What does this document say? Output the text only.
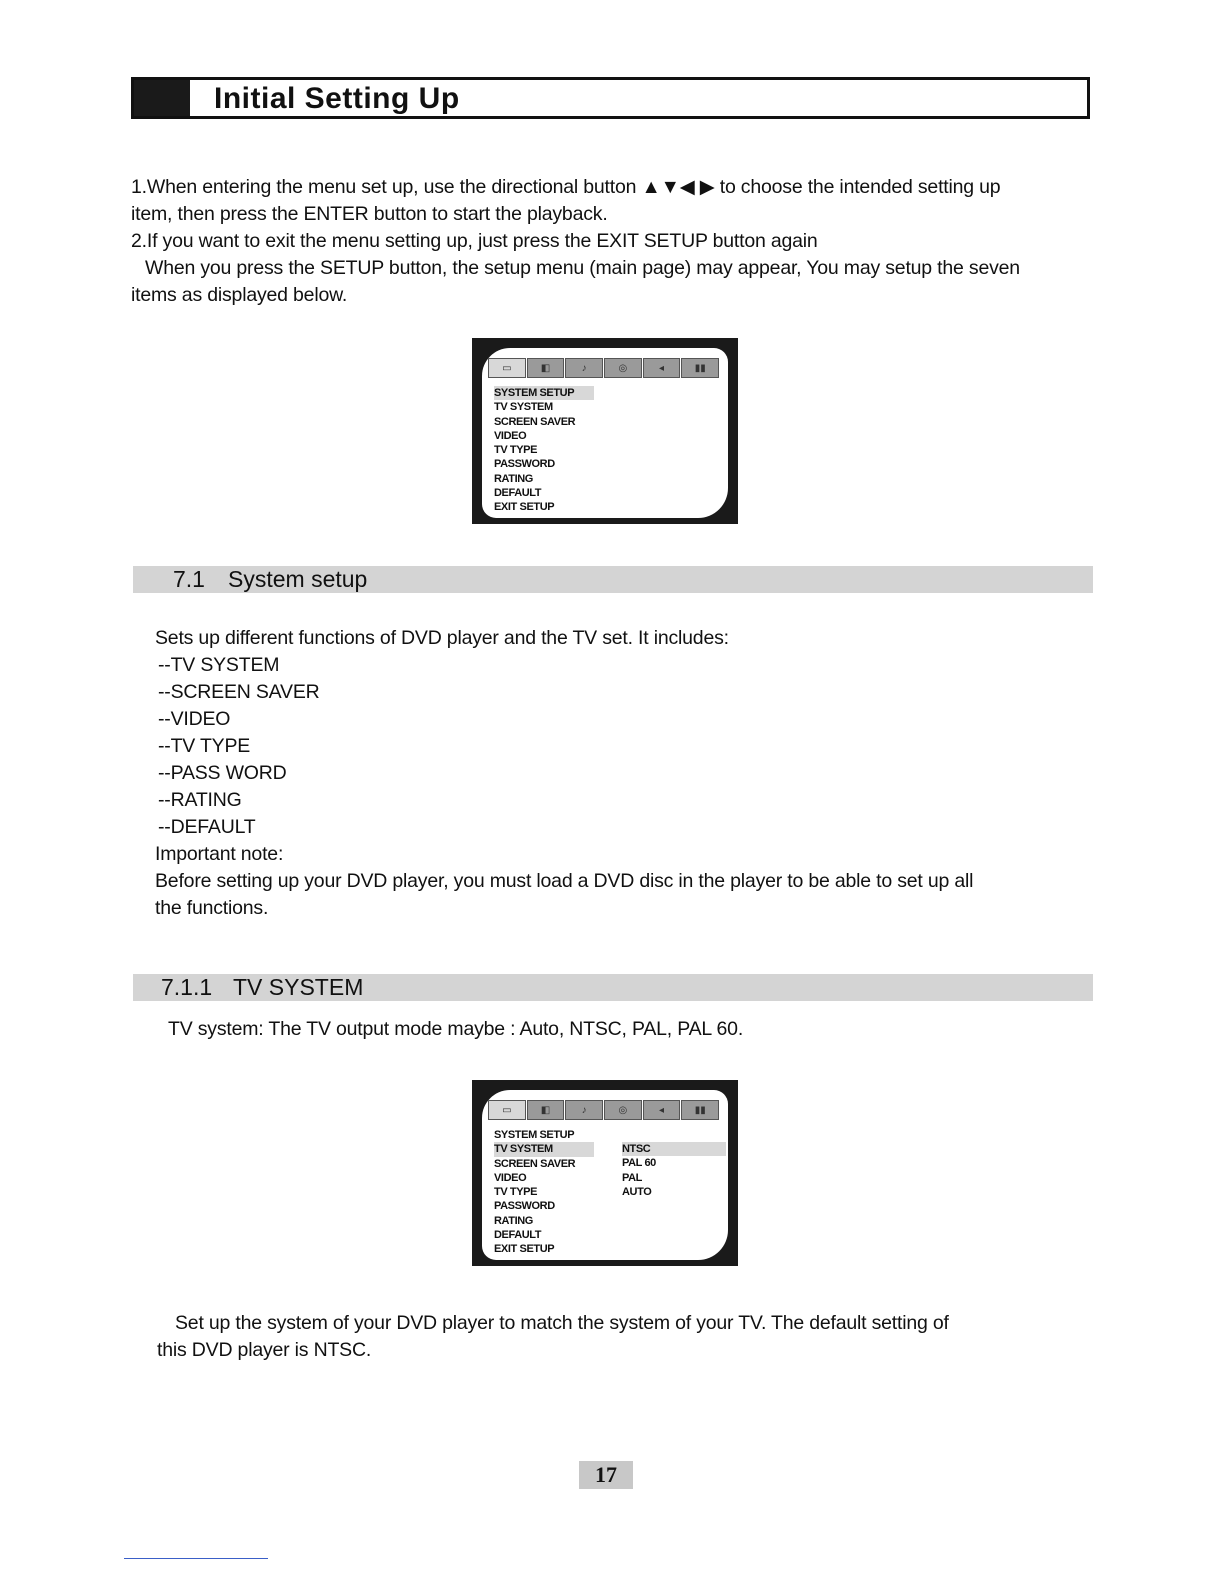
Initial Setting Up
1.When entering the menu set up, use the directional button ▲▼◀ ▶ to choose the intended setting up
item, then press the ENTER button to start the playback.
2.If you want to exit the menu setting up, just press the EXIT SETUP button again
When you press the SETUP button, the setup menu (main page) may appear, You may setup the seven
items as displayed below.
▭	◧	♪	◎	◂	▮▮
SYSTEM SETUP
TV SYSTEM
SCREEN SAVER
VIDEO
TV TYPE
PASSWORD
RATING
DEFAULT
EXIT SETUP
7.1 System setup
Sets up different functions of DVD player and the TV set. It includes:
--TV SYSTEM
--SCREEN SAVER
--VIDEO
--TV TYPE
--PASS WORD
--RATING
--DEFAULT
Important note:
Before setting up your DVD player, you must load a DVD disc in the player to be able to set up all
the functions.
7.1.1 TV SYSTEM
TV system: The TV output mode maybe : Auto, NTSC, PAL, PAL 60.
▭	◧	♪	◎	◂	▮▮
SYSTEM SETUP
TV SYSTEM
SCREEN SAVER
VIDEO
TV TYPE
PASSWORD
RATING
DEFAULT
EXIT SETUP
NTSC
PAL 60
PAL
AUTO
Set up the system of your DVD player to match the system of your TV. The default setting of
this DVD player is NTSC.
17
